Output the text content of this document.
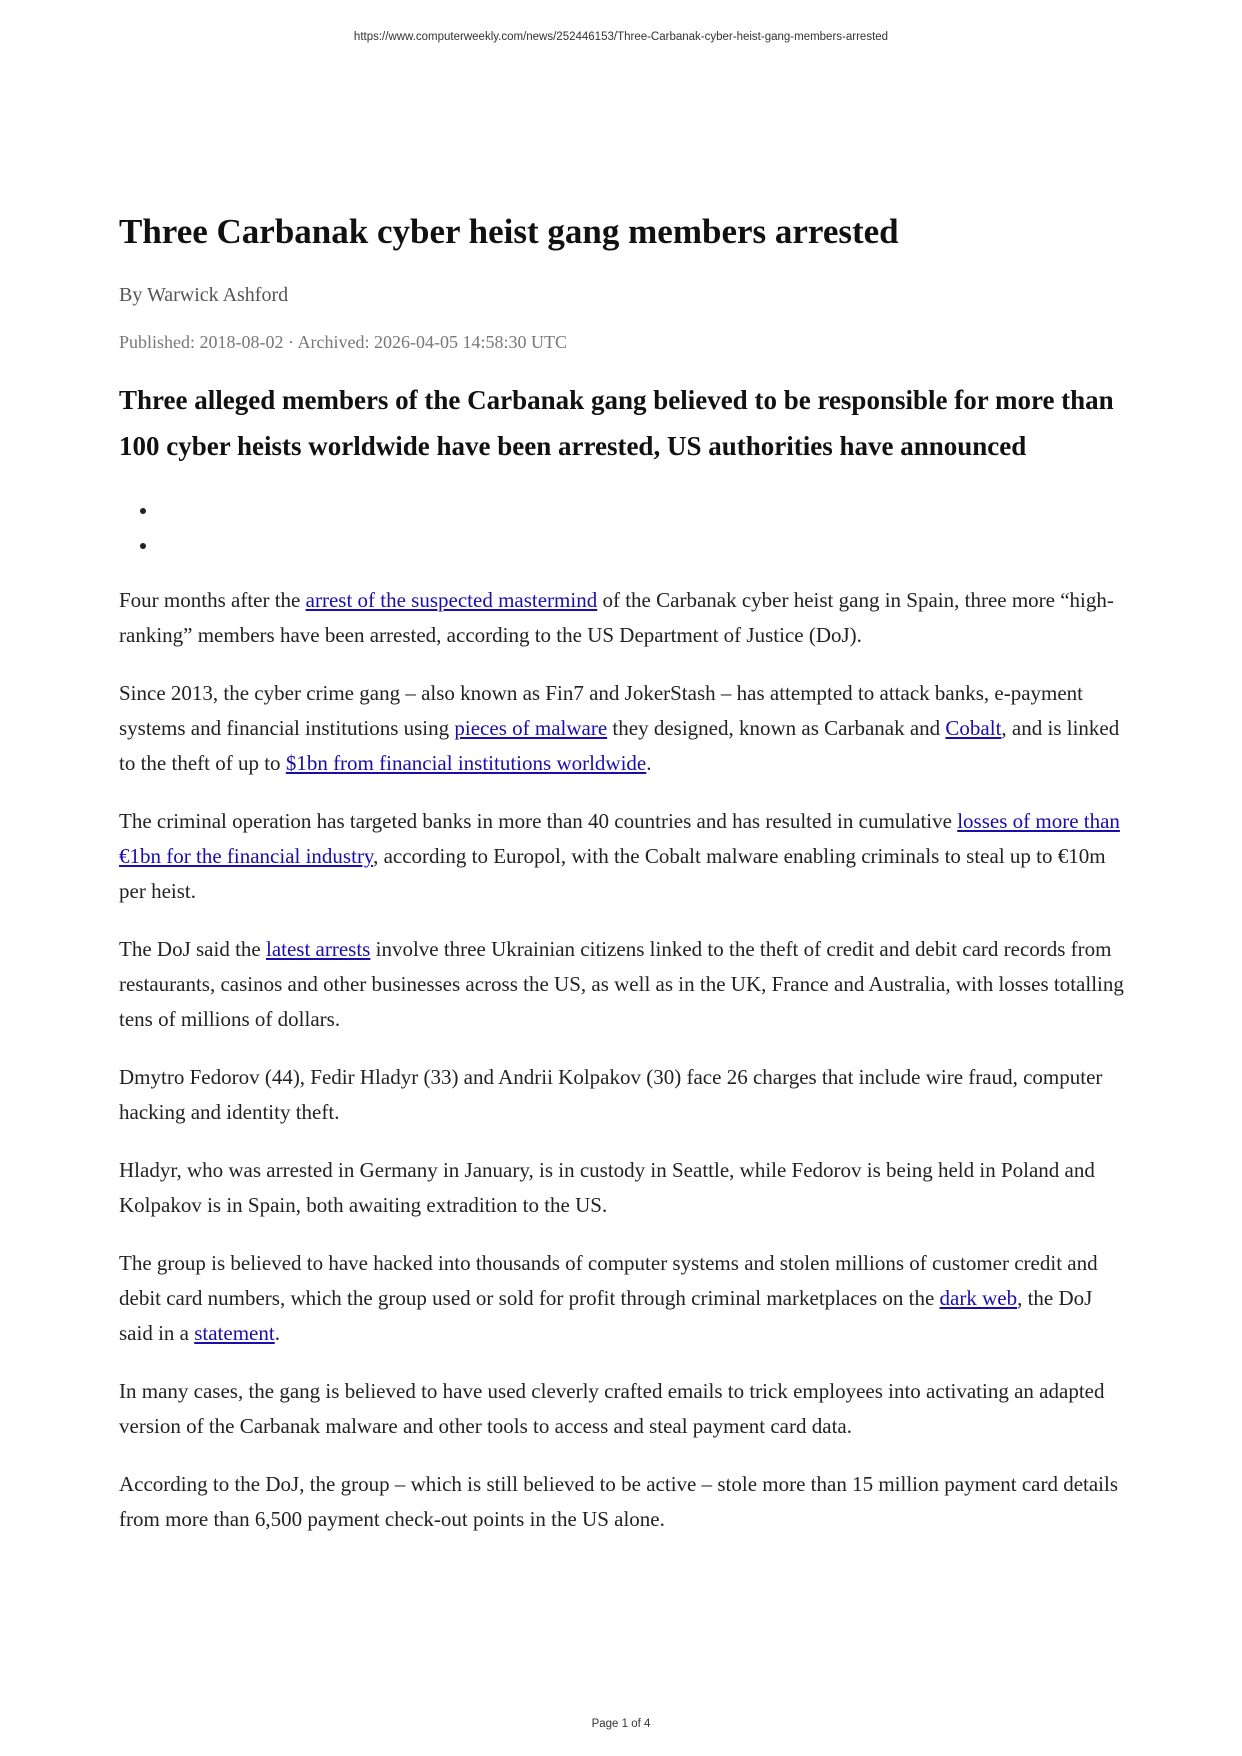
https://www.computerweekly.com/news/252446153/Three-Carbanak-cyber-heist-gang-members-arrested
Three Carbanak cyber heist gang members arrested
By Warwick Ashford
Published: 2018-08-02 · Archived: 2026-04-05 14:58:30 UTC
Three alleged members of the Carbanak gang believed to be responsible for more than 100 cyber heists worldwide have been arrested, US authorities have announced
•
•

Four months after the arrest of the suspected mastermind of the Carbanak cyber heist gang in Spain, three more “high-ranking” members have been arrested, according to the US Department of Justice (DoJ).

Since 2013, the cyber crime gang – also known as Fin7 and JokerStash – has attempted to attack banks, e-payment systems and financial institutions using pieces of malware they designed, known as Carbanak and Cobalt, and is linked to the theft of up to $1bn from financial institutions worldwide.

The criminal operation has targeted banks in more than 40 countries and has resulted in cumulative losses of more than €1bn for the financial industry, according to Europol, with the Cobalt malware enabling criminals to steal up to €10m per heist.

The DoJ said the latest arrests involve three Ukrainian citizens linked to the theft of credit and debit card records from restaurants, casinos and other businesses across the US, as well as in the UK, France and Australia, with losses totalling tens of millions of dollars.

Dmytro Fedorov (44), Fedir Hladyr (33) and Andrii Kolpakov (30) face 26 charges that include wire fraud, computer hacking and identity theft.

Hladyr, who was arrested in Germany in January, is in custody in Seattle, while Fedorov is being held in Poland and Kolpakov is in Spain, both awaiting extradition to the US.

The group is believed to have hacked into thousands of computer systems and stolen millions of customer credit and debit card numbers, which the group used or sold for profit through criminal marketplaces on the dark web, the DoJ said in a statement.

In many cases, the gang is believed to have used cleverly crafted emails to trick employees into activating an adapted version of the Carbanak malware and other tools to access and steal payment card data.

According to the DoJ, the group – which is still believed to be active – stole more than 15 million payment card details from more than 6,500 payment check-out points in the US alone.

Page 1 of 4
